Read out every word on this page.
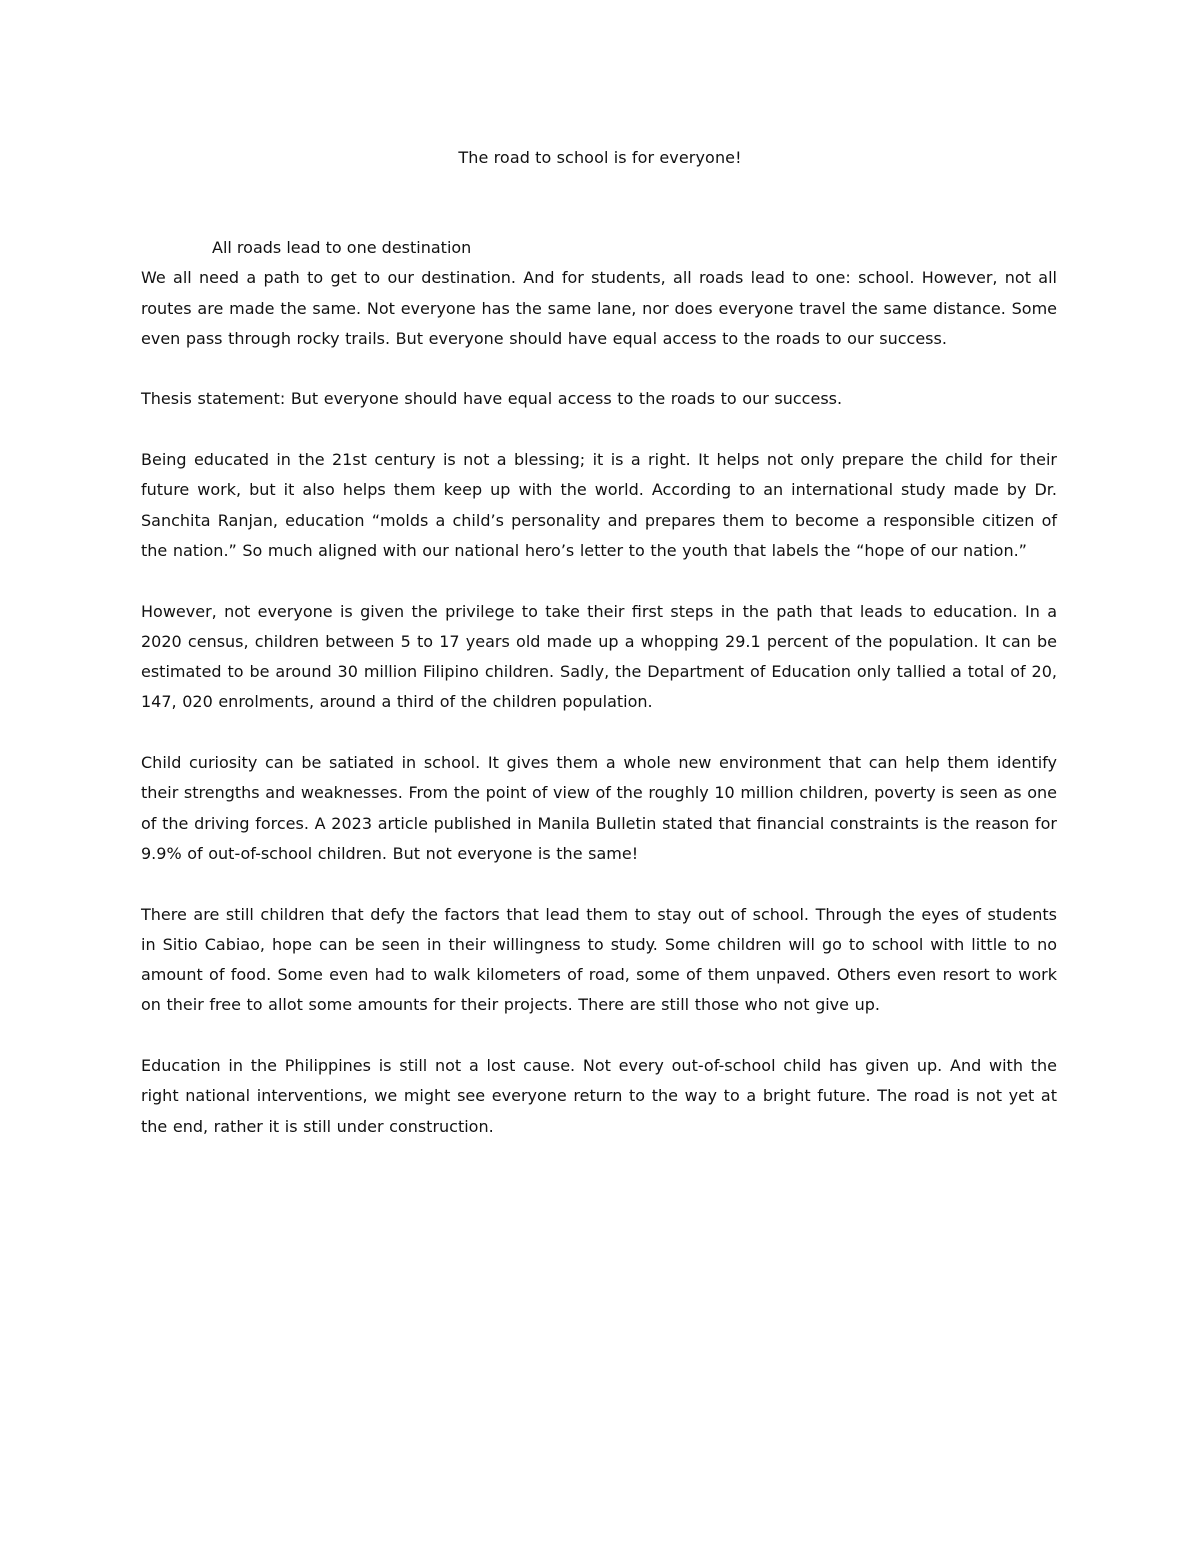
The road to school is for everyone!

All roads lead to one destination

We all need a path to get to our destination. And for students, all roads lead to one: school. However, not all routes are made the same. Not everyone has the same lane, nor does everyone travel the same distance. Some even pass through rocky trails. But everyone should have equal access to the roads to our success.

Thesis statement: But everyone should have equal access to the roads to our success.

Being educated in the 21st century is not a blessing; it is a right. It helps not only prepare the child for their future work, but it also helps them keep up with the world. According to an international study made by Dr. Sanchita Ranjan, education “molds a child’s personality and prepares them to become a responsible citizen of the nation.” So much aligned with our national hero’s letter to the youth that labels the “hope of our nation.”

However, not everyone is given the privilege to take their first steps in the path that leads to education. In a 2020 census, children between 5 to 17 years old made up a whopping 29.1 percent of the population. It can be estimated to be around 30 million Filipino children. Sadly, the Department of Education only tallied a total of 20, 147, 020 enrolments, around a third of the children population.

Child curiosity can be satiated in school. It gives them a whole new environment that can help them identify their strengths and weaknesses. From the point of view of the roughly 10 million children, poverty is seen as one of the driving forces. A 2023 article published in Manila Bulletin stated that financial constraints is the reason for 9.9% of out-of-school children. But not everyone is the same!

There are still children that defy the factors that lead them to stay out of school. Through the eyes of students in Sitio Cabiao, hope can be seen in their willingness to study. Some children will go to school with little to no amount of food. Some even had to walk kilometers of road, some of them unpaved. Others even resort to work on their free to allot some amounts for their projects. There are still those who not give up.

Education in the Philippines is still not a lost cause. Not every out-of-school child has given up. And with the right national interventions, we might see everyone return to the way to a bright future. The road is not yet at the end, rather it is still under construction.
